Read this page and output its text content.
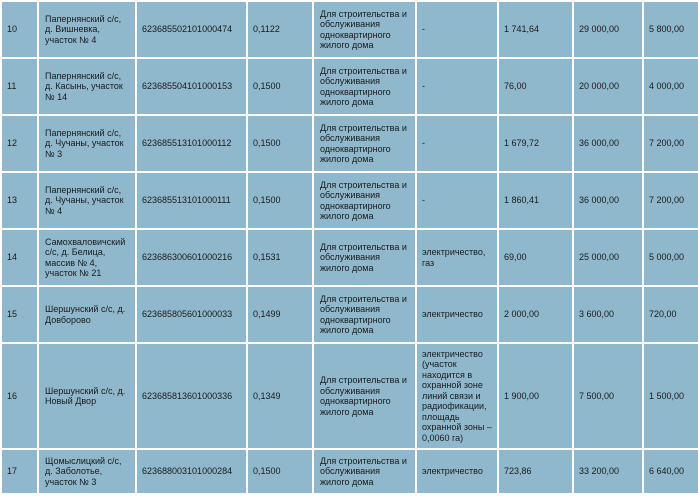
10	Папернянский с/с, д. Вишневка, участок № 4	623685502101000474	0,1122	Для строительства и обслуживания одноквартирного жилого дома	-	1 741,64	29 000,00	5 800,00
11	Папернянский с/с, д. Касынь, участок № 14	623685504101000153	0,1500	Для строительства и обслуживания одноквартирного жилого дома	-	76,00	20 000,00	4 000,00
12	Папернянский с/с, д. Чучаны, участок № 3	623685513101000112	0,1500	Для строительства и обслуживания одноквартирного жилого дома	-	1 679,72	36 000,00	7 200,00
13	Папернянский с/с, д. Чучаны, участок № 4	623685513101000111	0,1500	Для строительства и обслуживания одноквартирного жилого дома	-	1 860,41	36 000,00	7 200,00
14	Самохваловичский с/с, д. Белица, массив № 4, участок № 21	623686300601000216	0,1531	Для строительства и обслуживания жилого дома	электричество, газ	69,00	25 000,00	5 000,00
15	Шершунский с/с, д. Довборово	623685805601000033	0,1499	Для строительства и обслуживания одноквартирного жилого дома	электричество	2 000,00	3 600,00	720,00
16	Шершунский с/с, д. Новый Двор	623685813601000336	0,1349	Для строительства и обслуживания одноквартирного жилого дома	электричество (участок находится в охранной зоне линий связи и радиофикации, площадь охранной зоны – 0,0060 га)	1 900,00	7 500,00	1 500,00
17	Щомыслицкий с/с, д. Заболотье, участок № 3	623688003101000284	0,1500	Для строительства и обслуживания жилого дома	электричество	723,86	33 200,00	6 640,00
